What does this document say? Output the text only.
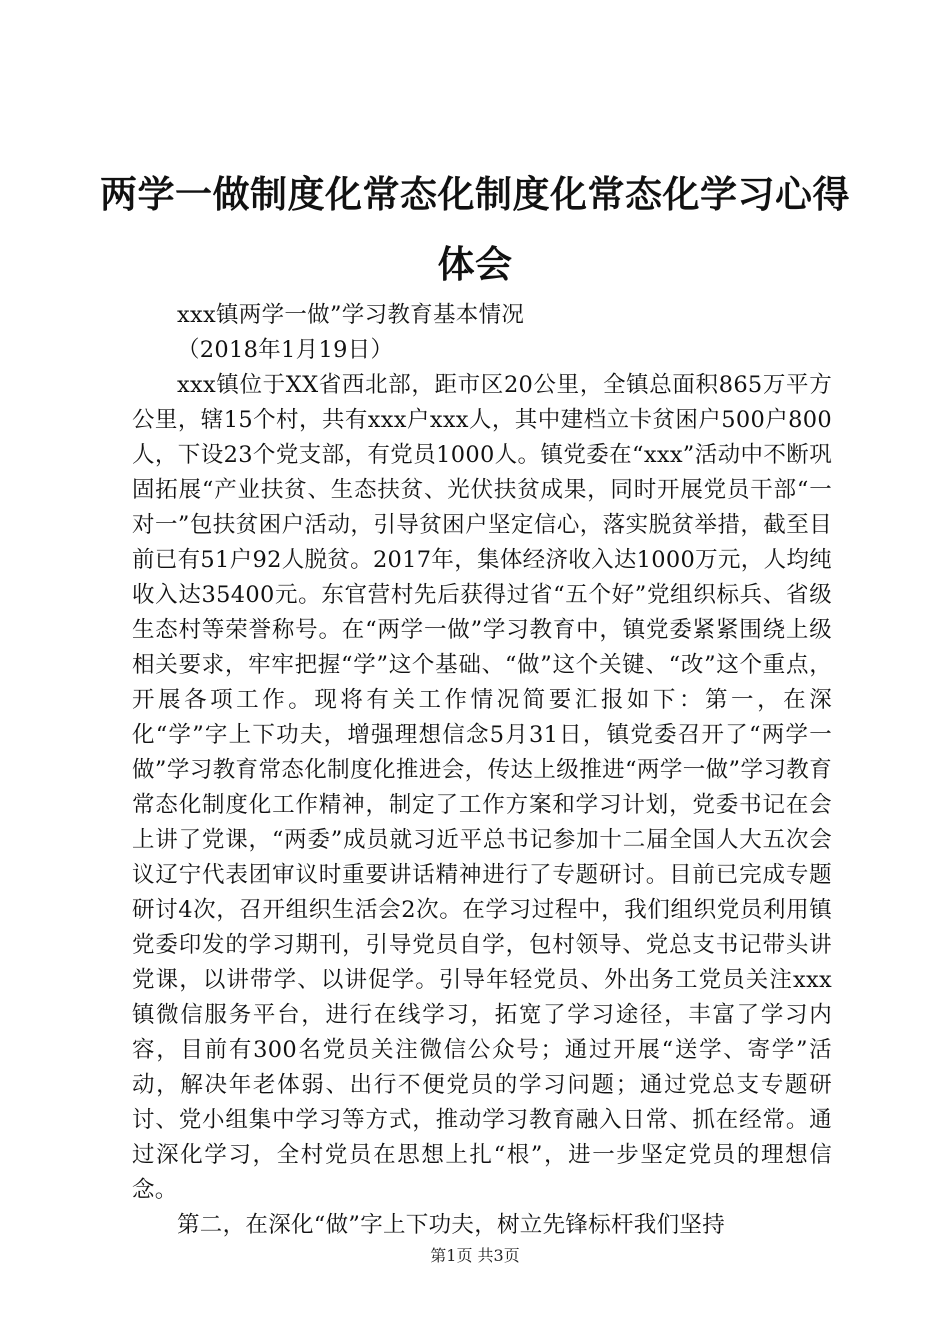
两学一做制度化常态化制度化常态化学习心得体会

xxx镇两学一做”学习教育基本情况

（2018年1月19日）

xxx镇位于XX省西北部，距市区20公里，全镇总面积865万平方公里，辖15个村，共有xxx户xxx人，其中建档立卡贫困户500户800人，下设23个党支部，有党员1000人。镇党委在“xxx”活动中不断巩固拓展“产业扶贫、生态扶贫、光伏扶贫成果，同时开展党员干部“一对一”包扶贫困户活动，引导贫困户坚定信心，落实脱贫举措，截至目前已有51户92人脱贫。2017年，集体经济收入达1000万元，人均纯收入达35400元。东官营村先后获得过省“五个好”党组织标兵、省级生态村等荣誉称号。在“两学一做”学习教育中，镇党委紧紧围绕上级相关要求，牢牢把握“学”这个基础、“做”这个关键、“改”这个重点，开展各项工作。现将有关工作情况简要汇报如下：第一，在深化“学”字上下功夫，增强理想信念5月31日，镇党委召开了“两学一做”学习教育常态化制度化推进会，传达上级推进“两学一做”学习教育常态化制度化工作精神，制定了工作方案和学习计划，党委书记在会上讲了党课，“两委”成员就习近平总书记参加十二届全国人大五次会议辽宁代表团审议时重要讲话精神进行了专题研讨。目前已完成专题研讨4次，召开组织生活会2次。在学习过程中，我们组织党员利用镇党委印发的学习期刊，引导党员自学，包村领导、党总支书记带头讲党课，以讲带学、以讲促学。引导年轻党员、外出务工党员关注xxx镇微信服务平台，进行在线学习，拓宽了学习途径，丰富了学习内容，目前有300名党员关注微信公众号；通过开展“送学、寄学”活动，解决年老体弱、出行不便党员的学习问题；通过党总支专题研讨、党小组集中学习等方式，推动学习教育融入日常、抓在经常。通过深化学习，全村党员在思想上扎“根”，进一步坚定党员的理想信念。

第二，在深化“做”字上下功夫，树立先锋标杆我们坚持

第1页 共3页
